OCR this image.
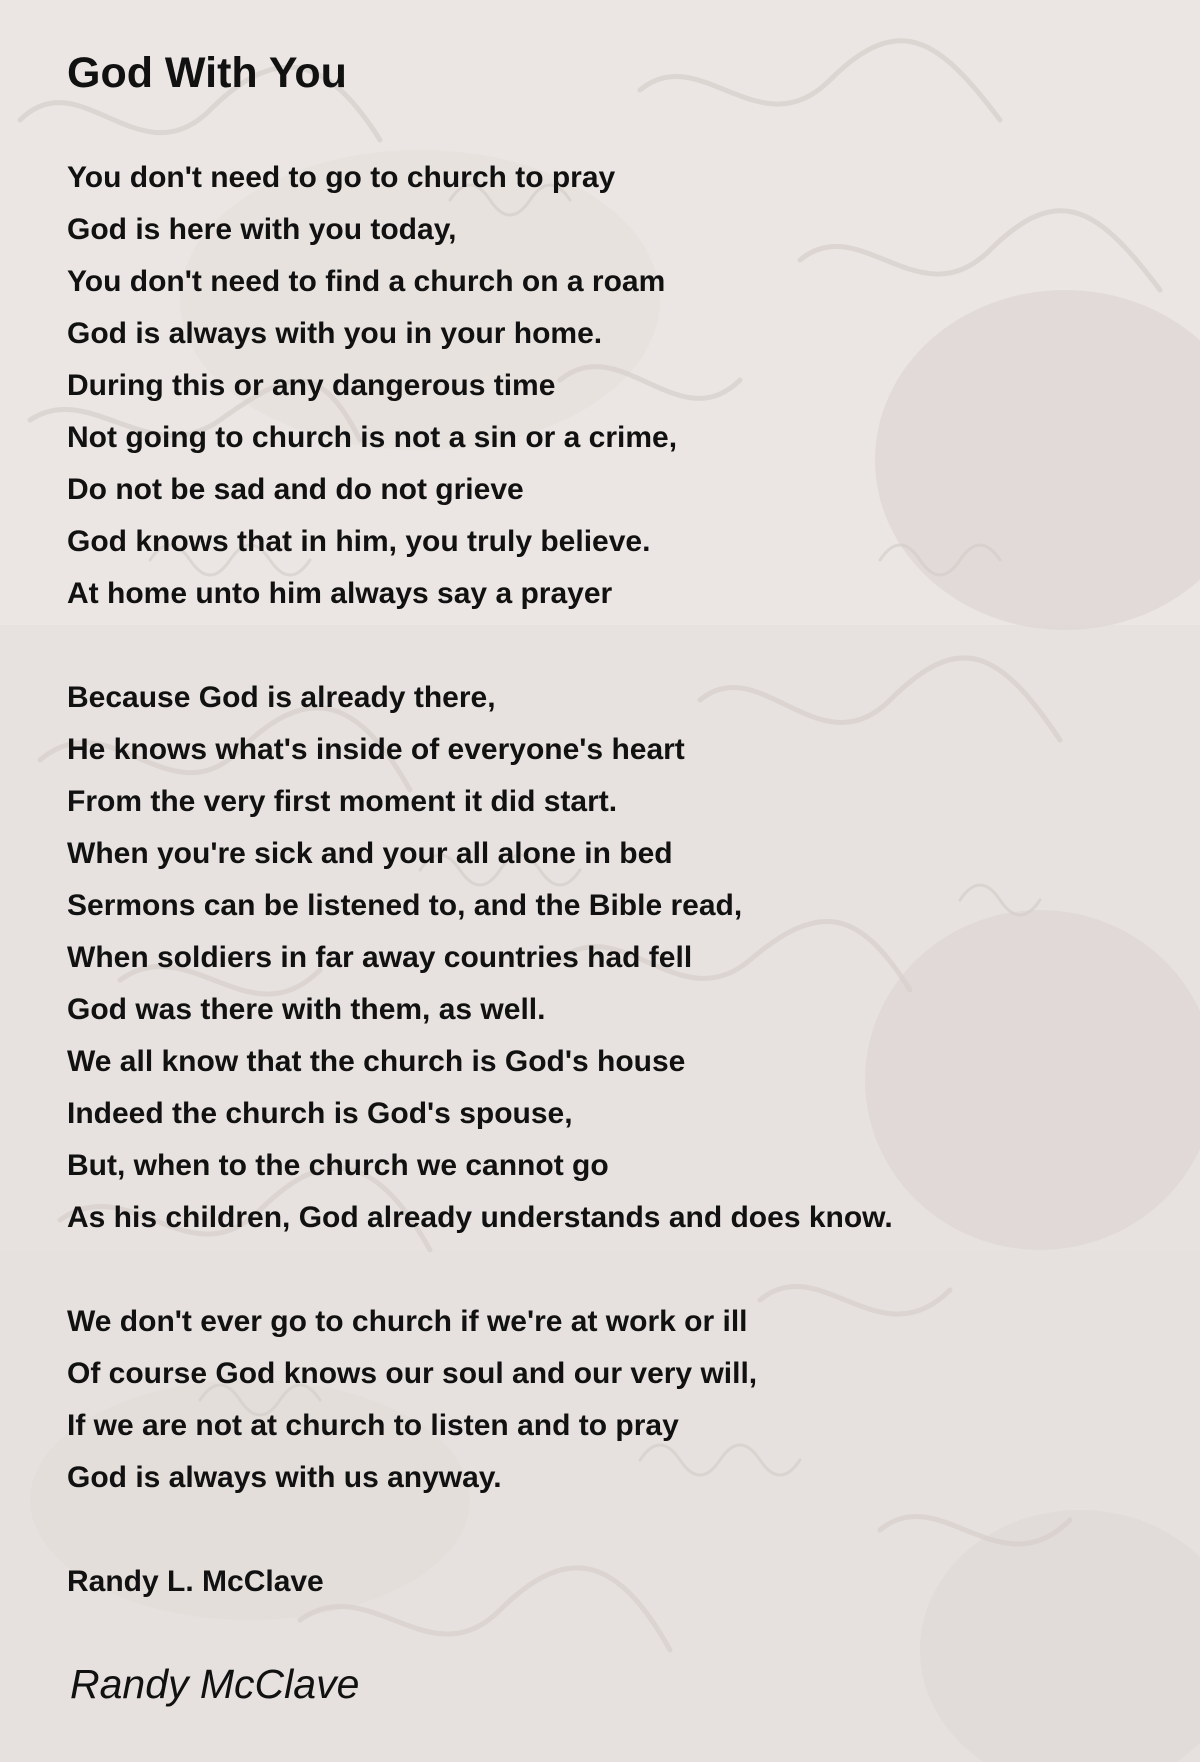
God With You
You don't need to go to church to pray
God is here with you today,
You don't need to find a church on a roam
God is always with you in your home.
During this or any dangerous time
Not going to church is not a sin or a crime,
Do not be sad and do not grieve
God knows that in him, you truly believe.
At home unto him always say a prayer
Because God is already there,
He knows what's inside of everyone's heart
From the very first moment it did start.
When you're sick and your all alone in bed
Sermons can be listened to, and the Bible read,
When soldiers in far away countries had fell
God was there with them, as well.
We all know that the church is God's house
Indeed the church is God's spouse,
But, when to the church we cannot go
As his children, God already understands and does know.
We don't ever go to church if we're at work or ill
Of course God knows our soul and our very will,
If we are not at church to listen and to pray
God is always with us anyway.
Randy L. McClave
Randy McClave
